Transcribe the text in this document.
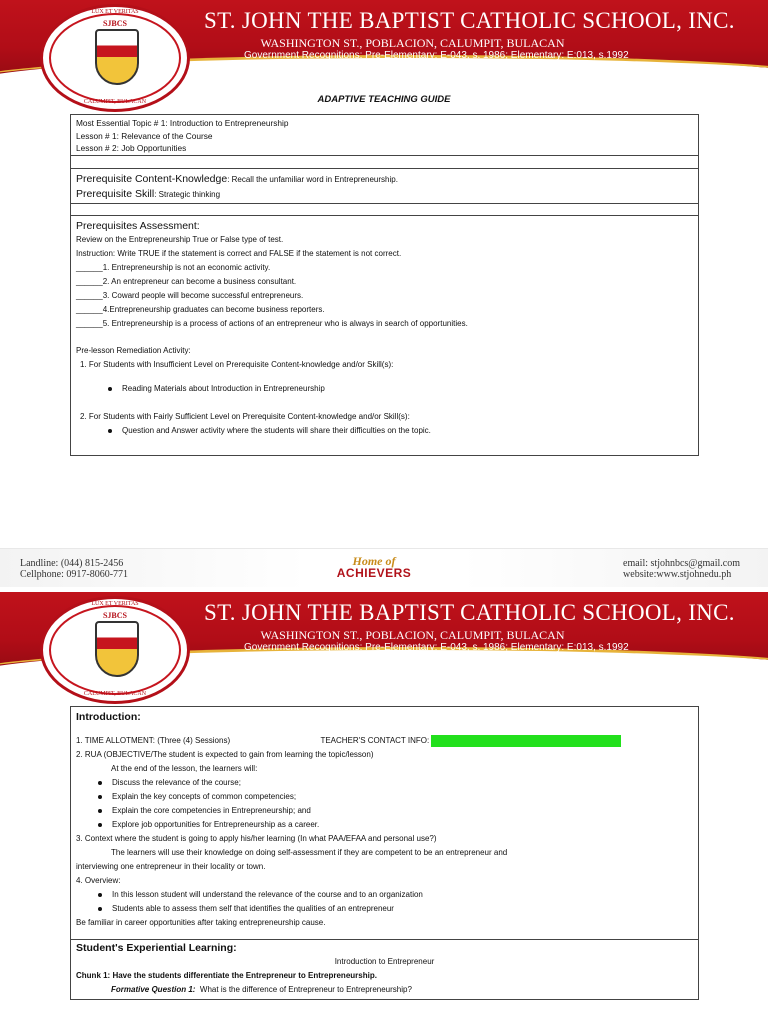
ST. JOHN THE BAPTIST CATHOLIC SCHOOL, INC.
WASHINGTON ST., POBLACION, CALUMPIT, BULACAN
Government Recognitions: Pre-Elementary: E-043, s. 1986; Elementary: E:013, s.1992
Secondary: S:012, s. 1996; Senior High School: SHSP No. 169, s. 2015
LUX ET VERITAS
SJBCS
CALUMPIT, BULACAN	ADAPTIVE TEACHING GUIDE
Most Essential Topic # 1: Introduction to Entrepreneurship
Lesson # 1: Relevance of the Course
Lesson # 2: Job Opportunities
Prerequisite Content-Knowledge: Recall the unfamiliar word in Entrepreneurship.
Prerequisite Skill: Strategic thinking
Prerequisites Assessment:
Review on the Entrepreneurship True or False type of test.
Instruction: Write TRUE if the statement is correct and FALSE if the statement is not correct.
______1. Entrepreneurship is not an economic activity.
______2. An entrepreneur can become a business consultant.
______3. Coward people will become successful entrepreneurs.
______4.Entrepreneurship graduates can become business reporters.
______5. Entrepreneurship is a process of actions of an entrepreneur who is always in search of opportunities.
Pre-lesson Remediation Activity:
1. For Students with Insufficient Level on Prerequisite Content-knowledge and/or Skill(s):
Reading Materials about Introduction in Entrepreneurship
2. For Students with Fairly Sufficient Level on Prerequisite Content-knowledge and/or Skill(s):
Question and Answer activity where the students will share their difficulties on the topic.
Landline: (044) 815-2456
Cellphone: 0917-8060-771
Home of
ACHIEVERS
email: stjohnbcs@gmail.com
website:www.stjohnedu.ph
ST. JOHN THE BAPTIST CATHOLIC SCHOOL, INC.
WASHINGTON ST., POBLACION, CALUMPIT, BULACAN
Government Recognitions: Pre-Elementary: E-043, s. 1986; Elementary: E:013, s.1992
Secondary: S:012, s. 1996; Senior High School: SHSP No. 169, s. 2015
LUX ET VERITAS
SJBCS
CALUMPIT, BULACAN
Introduction:
1. TIME ALLOTMENT: (Three (4) Sessions)	TEACHER'S CONTACT INFO:
2. RUA (OBJECTIVE/The student is expected to gain from learning the topic/lesson)
At the end of the lesson, the learners will:
Discuss the relevance of the course;
Explain the key concepts of common competencies;
Explain the core competencies in Entrepreneurship; and
Explore job opportunities for Entrepreneurship as a career.
3. Context where the student is going to apply his/her learning (In what PAA/EFAA and personal use?)
The learners will use their knowledge on doing self-assessment if they are competent to be an entrepreneur and
interviewing one entrepreneur in their locality or town.
4. Overview:
In this lesson student will understand the relevance of the course and to an organization
Students able to assess them self that identifies the qualities of an entrepreneur
Be familiar in career opportunities after taking entrepreneurship cause.
Student's Experiential Learning:
Introduction to Entrepreneur
Chunk 1: Have the students differentiate the Entrepreneur to Entrepreneurship.
Formative Question 1: What is the difference of Entrepreneur to Entrepreneurship?
